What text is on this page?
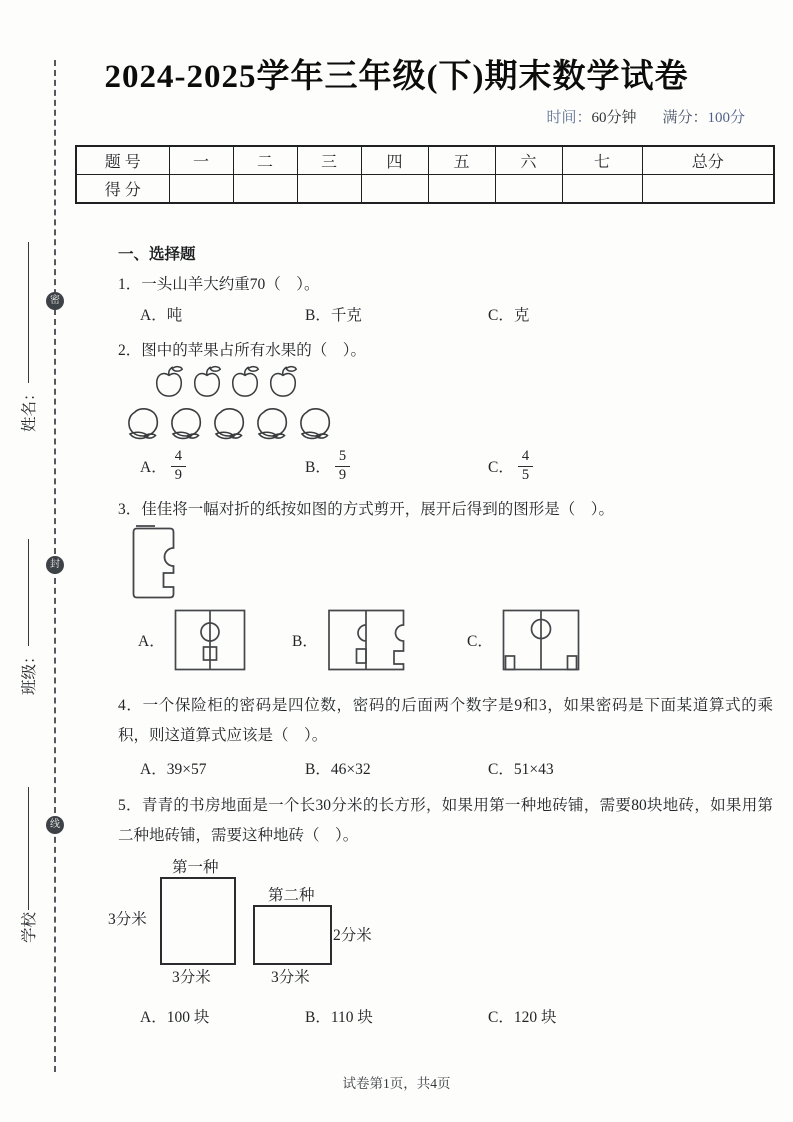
密
封
线
姓名：
班级：
学校
2024-2025学年三年级(下)期末数学试卷
时间：60分钟 满分：100分
题 号	一	二	三	四	五	六	七	总分
得 分								
一、选择题

1．一头山羊大约重70（　）。

A．吨	B．千克	C．克

2．图中的苹果占所有水果的（　）。

A． $\frac{4}{9}$	B． $\frac{5}{9}$	C． $\frac{4}{5}$

3．佳佳将一幅对折的纸按如图的方式剪开，展开后得到的图形是（　）。

A．	B．	C．

4．一个保险柜的密码是四位数，密码的后面两个数字是9和3，如果密码是下面某道算式的乘积，则这道算式应该是（　）。

A．39×57	B．46×32	C．51×43

5．青青的书房地面是一个长30分米的长方形，如果用第一种地砖铺，需要80块地砖，如果用第二种地砖铺，需要这种地砖（　）。

第一种
3分米
3分米
第二种
2分米
3分米
A．100 块	B．110 块	C．120 块
试卷第1页，共4页
